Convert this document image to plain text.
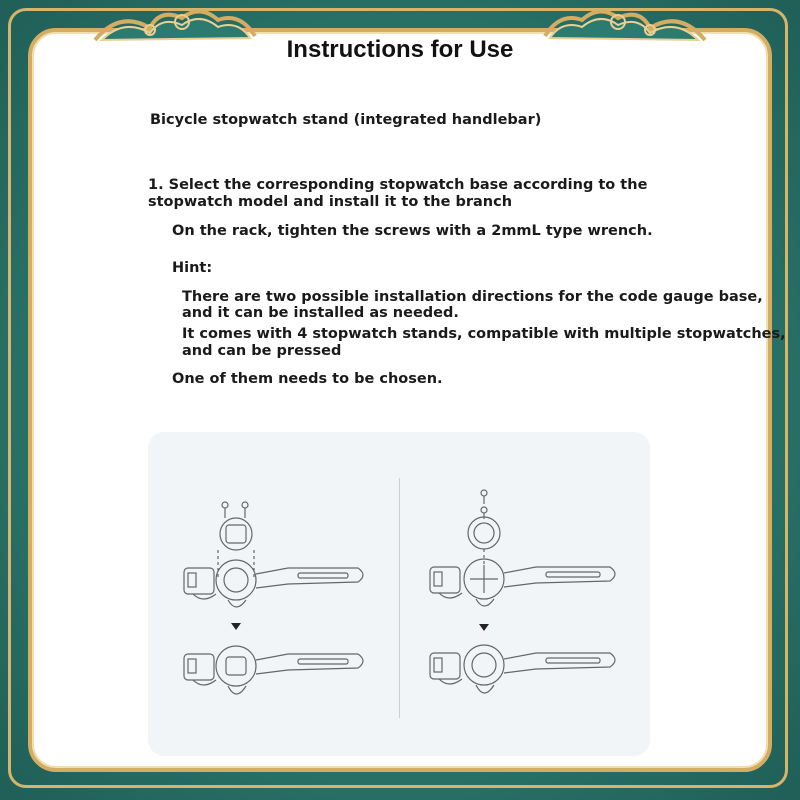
Instructions for Use
Bicycle stopwatch stand (integrated handlebar)
1. Select the corresponding stopwatch base according to the
stopwatch model and install it to the branch
On the rack, tighten the screws with a 2mmL type wrench.
Hint:
There are two possible installation directions for the code gauge base,
and it can be installed as needed.
It comes with 4 stopwatch stands, compatible with multiple stopwatches,
and can be pressed
One of them needs to be chosen.
